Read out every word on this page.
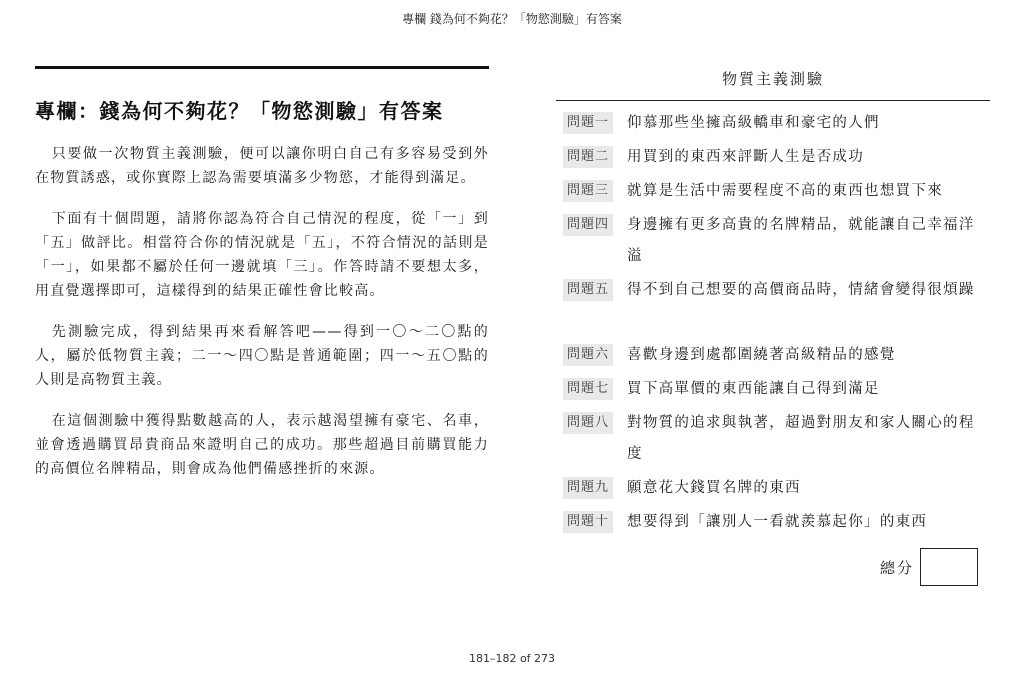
專欄 錢為何不夠花？「物慾測驗」有答案
專欄：錢為何不夠花？「物慾測驗」有答案

只要做一次物質主義測驗，便可以讓你明白自己有多容易受到外在物質誘惑，或你實際上認為需要填滿多少物慾，才能得到滿足。

下面有十個問題，請將你認為符合自己情況的程度，從「一」到「五」做評比。相當符合你的情況就是「五」，不符合情況的話則是「一」，如果都不屬於任何一邊就填「三」。作答時請不要想太多，用直覺選擇即可，這樣得到的結果正確性會比較高。

先測驗完成，得到結果再來看解答吧——得到一〇～二〇點的人，屬於低物質主義；二一～四〇點是普通範圍；四一～五〇點的人則是高物質主義。

在這個測驗中獲得點數越高的人，表示越渴望擁有豪宅、名車，並會透過購買昂貴商品來證明自己的成功。那些超過目前購買能力的高價位名牌精品，則會成為他們備感挫折的來源。

物質主義測驗
問題一 仰慕那些坐擁高級轎車和豪宅的人們
問題二 用買到的東西來評斷人生是否成功
問題三 就算是生活中需要程度不高的東西也想買下來
問題四 身邊擁有更多高貴的名牌精品，就能讓自己幸福洋溢
問題五 得不到自己想要的高價商品時，情緒會變得很煩躁
問題六 喜歡身邊到處都圍繞著高級精品的感覺
問題七 買下高單價的東西能讓自己得到滿足
問題八 對物質的追求與執著，超過對朋友和家人關心的程度
問題九 願意花大錢買名牌的東西
問題十 想要得到「讓別人一看就羨慕起你」的東西
總分
181–182 of 273
